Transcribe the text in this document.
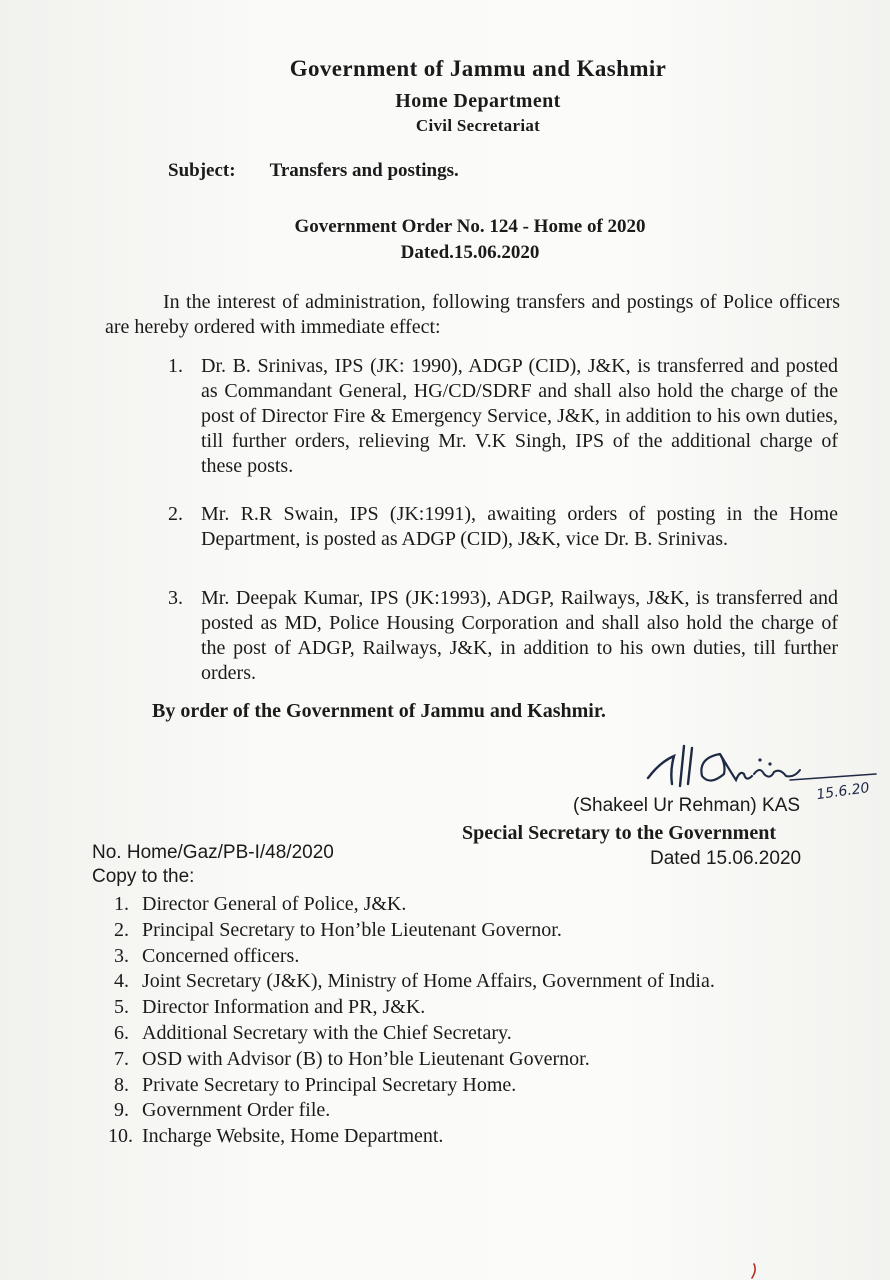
Government of Jammu and Kashmir
Home Department
Civil Secretariat
Subject: Transfers and postings.
Government Order No. 124 - Home of 2020
Dated.15.06.2020
In the interest of administration, following transfers and postings of Police officers are hereby ordered with immediate effect:
1. Dr. B. Srinivas, IPS (JK: 1990), ADGP (CID), J&K, is transferred and posted as Commandant General, HG/CD/SDRF and shall also hold the charge of the post of Director Fire & Emergency Service, J&K, in addition to his own duties, till further orders, relieving Mr. V.K Singh, IPS of the additional charge of these posts.
2. Mr. R.R Swain, IPS (JK:1991), awaiting orders of posting in the Home Department, is posted as ADGP (CID), J&K, vice Dr. B. Srinivas.
3. Mr. Deepak Kumar, IPS (JK:1993), ADGP, Railways, J&K, is transferred and posted as MD, Police Housing Corporation and shall also hold the charge of the post of ADGP, Railways, J&K, in addition to his own duties, till further orders.
By order of the Government of Jammu and Kashmir.
15.6.20
(Shakeel Ur Rehman) KAS
Special Secretary to the Government
Dated 15.06.2020
No. Home/Gaz/PB-I/48/2020
Copy to the:
1. Director General of Police, J&K.
2. Principal Secretary to Hon’ble Lieutenant Governor.
3. Concerned officers.
4. Joint Secretary (J&K), Ministry of Home Affairs, Government of India.
5. Director Information and PR, J&K.
6. Additional Secretary with the Chief Secretary.
7. OSD with Advisor (B) to Hon’ble Lieutenant Governor.
8. Private Secretary to Principal Secretary Home.
9. Government Order file.
10. Incharge Website, Home Department.
